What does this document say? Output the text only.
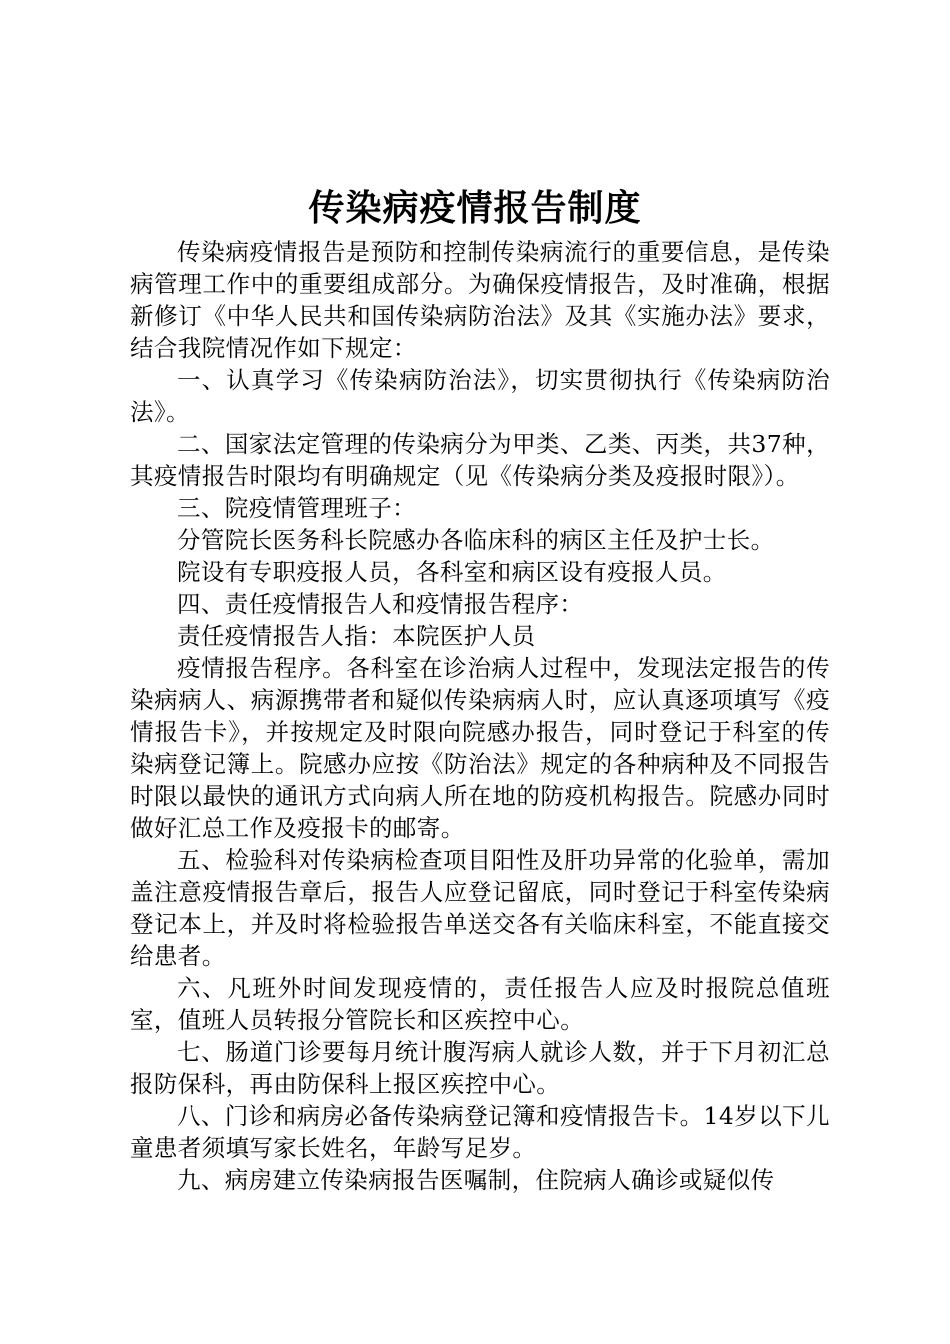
传染病疫情报告制度

传染病疫情报告是预防和控制传染病流行的重要信息，是传染病管理工作中的重要组成部分。为确保疫情报告，及时准确，根据新修订《中华人民共和国传染病防治法》及其《实施办法》要求，结合我院情况作如下规定：

一、认真学习《传染病防治法》，切实贯彻执行《传染病防治法》。

二、国家法定管理的传染病分为甲类、乙类、丙类，共37种，其疫情报告时限均有明确规定（见《传染病分类及疫报时限》）。

三、院疫情管理班子：

分管院长医务科长院感办各临床科的病区主任及护士长。

院设有专职疫报人员，各科室和病区设有疫报人员。

四、责任疫情报告人和疫情报告程序：

责任疫情报告人指：本院医护人员

疫情报告程序。各科室在诊治病人过程中，发现法定报告的传染病病人、病源携带者和疑似传染病病人时，应认真逐项填写《疫情报告卡》，并按规定及时限向院感办报告，同时登记于科室的传染病登记簿上。院感办应按《防治法》规定的各种病种及不同报告时限以最快的通讯方式向病人所在地的防疫机构报告。院感办同时做好汇总工作及疫报卡的邮寄。

五、检验科对传染病检查项目阳性及肝功异常的化验单，需加盖注意疫情报告章后，报告人应登记留底，同时登记于科室传染病登记本上，并及时将检验报告单送交各有关临床科室，不能直接交给患者。

六、凡班外时间发现疫情的，责任报告人应及时报院总值班室，值班人员转报分管院长和区疾控中心。

七、肠道门诊要每月统计腹泻病人就诊人数，并于下月初汇总报防保科，再由防保科上报区疾控中心。

八、门诊和病房必备传染病登记簿和疫情报告卡。14岁以下儿童患者须填写家长姓名，年龄写足岁。

九、病房建立传染病报告医嘱制，住院病人确诊或疑似传
